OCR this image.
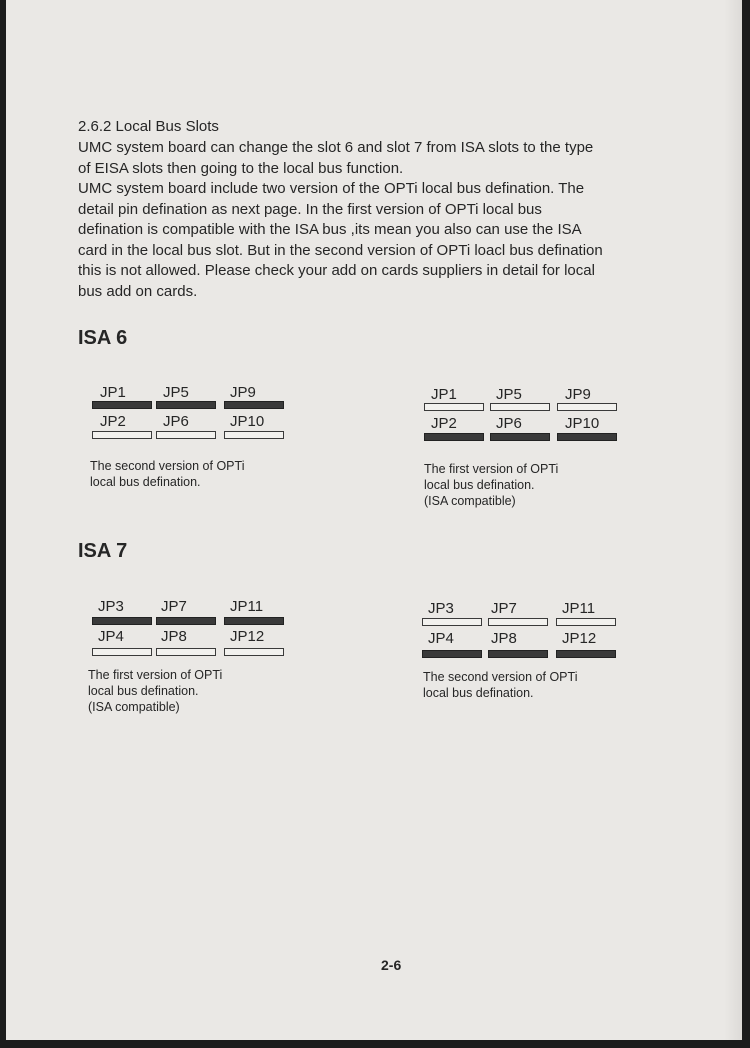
2.6.2 Local Bus Slots

UMC system board can change the slot 6 and slot 7 from ISA slots to the type
of EISA slots then going to the local bus function.

UMC system board include two version of the OPTi local bus defination. The
detail pin defination as next page. In the first version of OPTi local bus
defination is compatible with the ISA bus ,its mean you also can use the ISA
card in the local bus slot. But in the second version of OPTi loacl bus defination
this is not allowed. Please check your add on cards suppliers in detail for local
bus add on cards.

ISA 6
JP1 JP5	JP9
JP2 JP6	JP10
The second version of OPTi
local bus defination.
JP1	JP5	JP9
JP2	JP6	JP10
The first version of OPTi
local bus defination.
(ISA compatible)
ISA 7
JP3 JP7	JP11
JP4 JP8	JP12
The first version of OPTi
local bus defination.
(ISA compatible)
JP3 JP7	JP11
JP4 JP8	JP12
The second version of OPTi
local bus defination.
2-6
